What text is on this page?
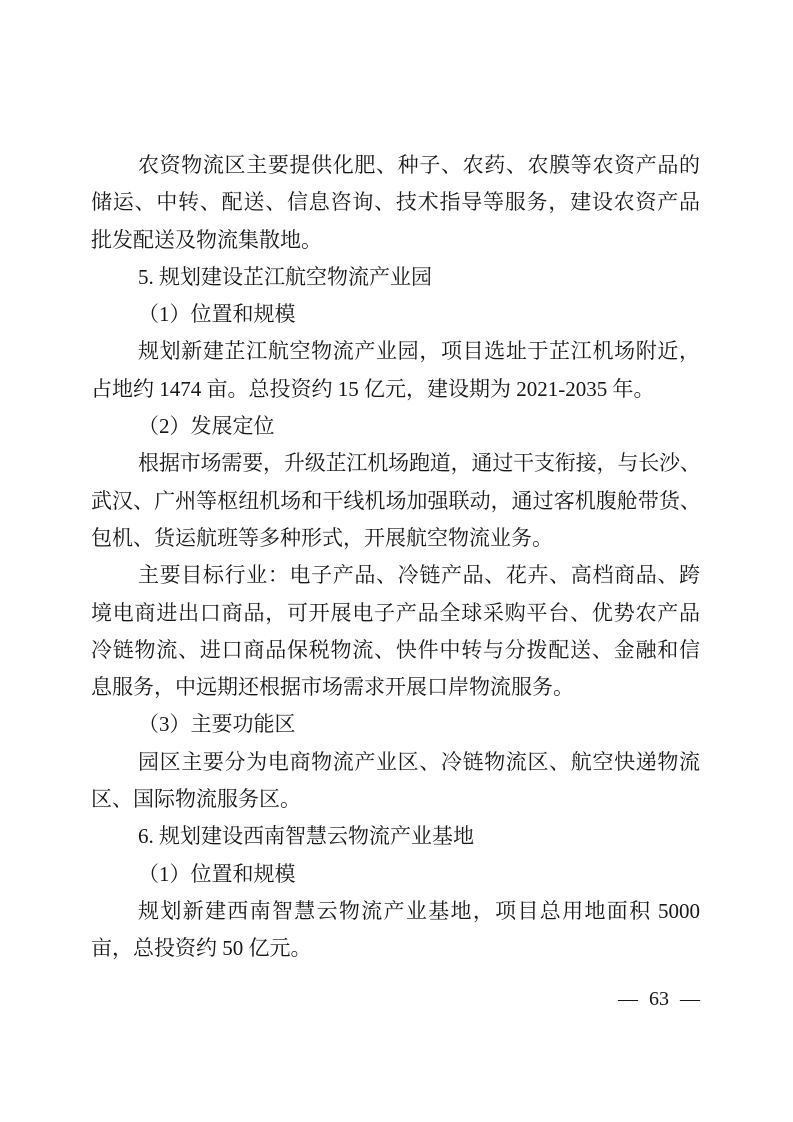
农资物流区主要提供化肥、种子、农药、农膜等农资产品的
储运、中转、配送、信息咨询、技术指导等服务，建设农资产品
批发配送及物流集散地。
5. 规划建设芷江航空物流产业园
（1）位置和规模
规划新建芷江航空物流产业园，项目选址于芷江机场附近，
占地约 1474 亩。总投资约 15 亿元，建设期为 2021-2035 年。
（2）发展定位
根据市场需要，升级芷江机场跑道，通过干支衔接，与长沙、
武汉、广州等枢纽机场和干线机场加强联动，通过客机腹舱带货、
包机、货运航班等多种形式，开展航空物流业务。
主要目标行业：电子产品、冷链产品、花卉、高档商品、跨
境电商进出口商品，可开展电子产品全球采购平台、优势农产品
冷链物流、进口商品保税物流、快件中转与分拨配送、金融和信
息服务，中远期还根据市场需求开展口岸物流服务。
（3）主要功能区
园区主要分为电商物流产业区、冷链物流区、航空快递物流
区、国际物流服务区。
6. 规划建设西南智慧云物流产业基地
（1）位置和规模
规划新建西南智慧云物流产业基地，项目总用地面积 5000
亩，总投资约 50 亿元。
— 63 —
